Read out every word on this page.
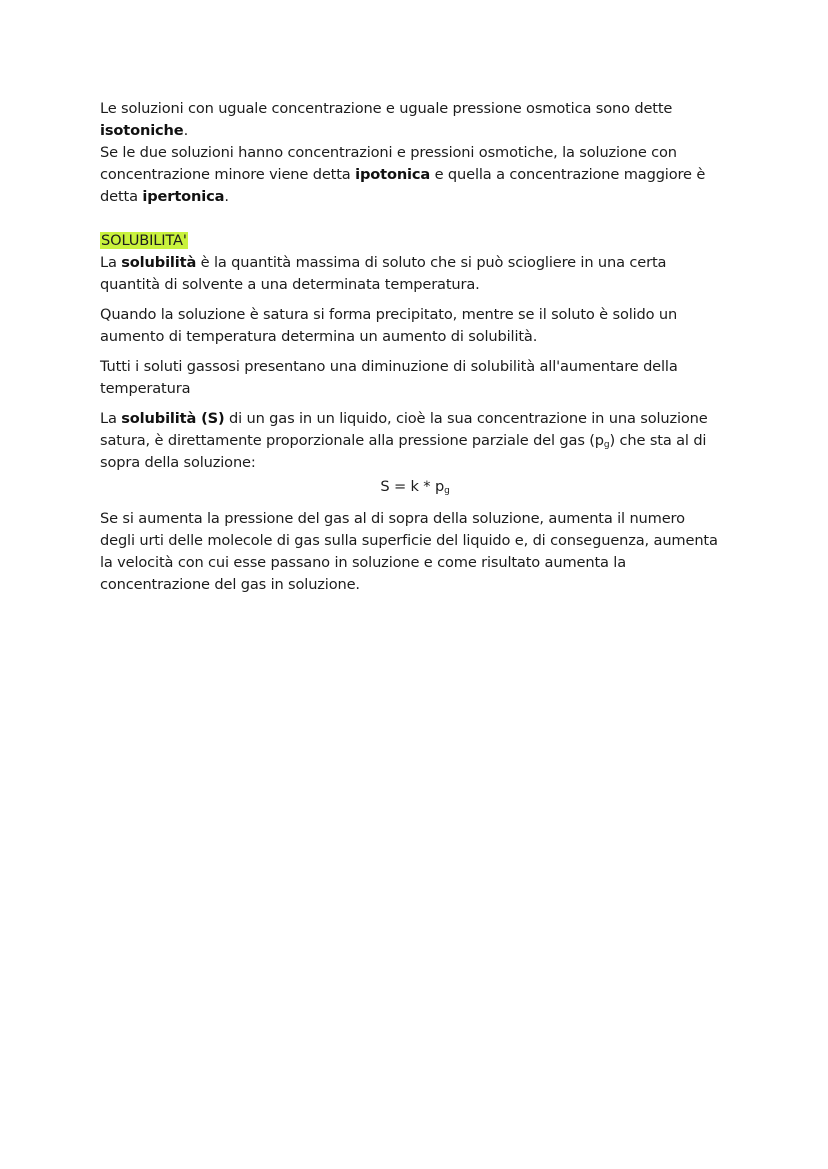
Le soluzioni con uguale concentrazione e uguale pressione osmotica sono dette isotoniche.

Se le due soluzioni hanno concentrazioni e pressioni osmotiche, la soluzione con concentrazione minore viene detta ipotonica e quella a concentrazione maggiore è detta ipertonica.

SOLUBILITA'

La solubilità è la quantità massima di soluto che si può sciogliere in una certa quantità di solvente a una determinata temperatura.

Quando la soluzione è satura si forma precipitato, mentre se il soluto è solido un aumento di temperatura determina un aumento di solubilità.

Tutti i soluti gassosi presentano una diminuzione di solubilità all'aumentare della temperatura

La solubilità (S) di un gas in un liquido, cioè la sua concentrazione in una soluzione satura, è direttamente proporzionale alla pressione parziale del gas $(p_g)$ che sta al di sopra della soluzione:

$S = k * p_g$

Se si aumenta la pressione del gas al di sopra della soluzione, aumenta il numero degli urti delle molecole di gas sulla superficie del liquido e, di conseguenza, aumenta la velocità con cui esse passano in soluzione e come risultato aumenta la concentrazione del gas in soluzione.
